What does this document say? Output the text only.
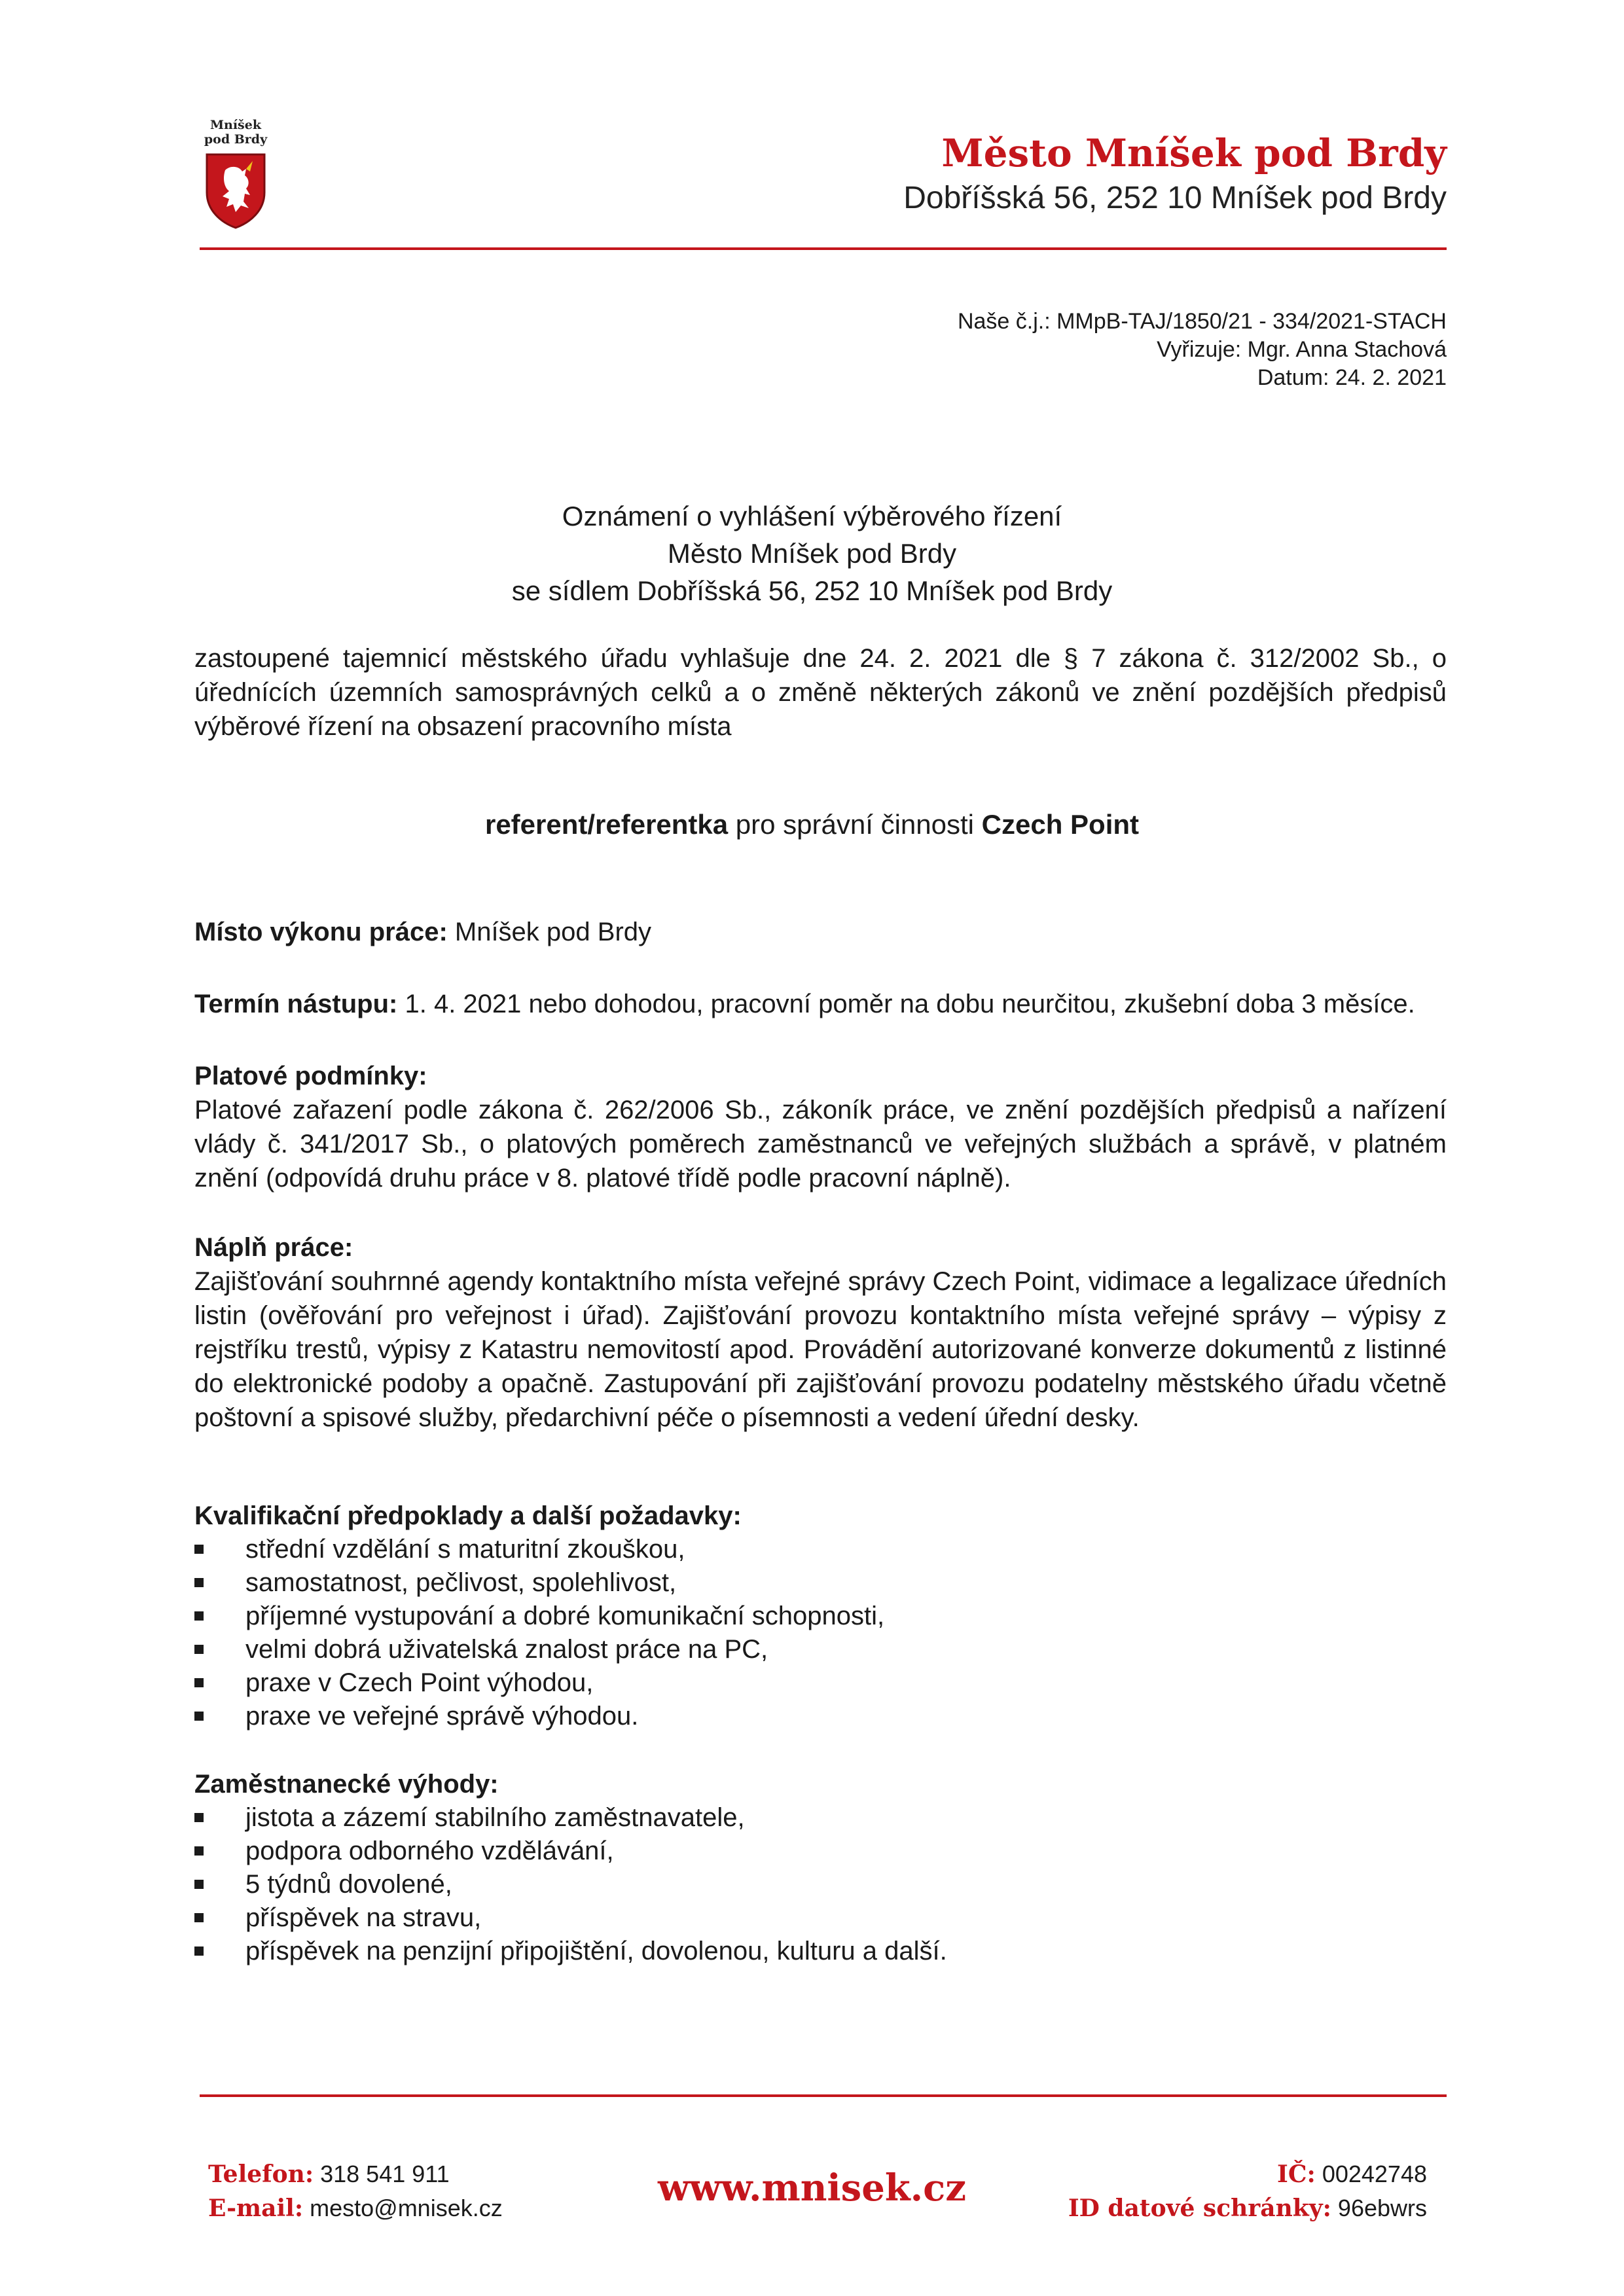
Mníšek
pod Brdy	Město Mníšek pod Brdy
Dobříšská 56, 252 10 Mníšek pod Brdy
Naše č.j.: MMpB-TAJ/1850/21 - 334/2021-STACH
Vyřizuje: Mgr. Anna Stachová
Datum: 24. 2. 2021
Oznámení o vyhlášení výběrového řízení
Město Mníšek pod Brdy
se sídlem Dobříšská 56, 252 10 Mníšek pod Brdy
zastoupené tajemnicí městského úřadu vyhlašuje dne 24. 2. 2021 dle § 7 zákona č. 312/2002 Sb., o úřednících územních samosprávných celků a o změně některých zákonů ve znění pozdějších předpisů výběrové řízení na obsazení pracovního místa
referent/referentka pro správní činnosti Czech Point
Místo výkonu práce: Mníšek pod Brdy
Termín nástupu: 1. 4. 2021 nebo dohodou, pracovní poměr na dobu neurčitou, zkušební doba 3 měsíce.
Platové podmínky:
Platové zařazení podle zákona č. 262/2006 Sb., zákoník práce, ve znění pozdějších předpisů a nařízení vlády č. 341/2017 Sb., o platových poměrech zaměstnanců ve veřejných službách a správě, v platném znění (odpovídá druhu práce v 8. platové třídě podle pracovní náplně).
Náplň práce:
Zajišťování souhrnné agendy kontaktního místa veřejné správy Czech Point, vidimace a legalizace úředních listin (ověřování pro veřejnost i úřad). Zajišťování provozu kontaktního místa veřejné správy – výpisy z rejstříku trestů, výpisy z Katastru nemovitostí apod. Provádění autorizované konverze dokumentů z listinné do elektronické podoby a opačně. Zastupování při zajišťování provozu podatelny městského úřadu včetně poštovní a spisové služby, předarchivní péče o písemnosti a vedení úřední desky.
Kvalifikační předpoklady a další požadavky:
střední vzdělání s maturitní zkouškou,
samostatnost, pečlivost, spolehlivost,
příjemné vystupování a dobré komunikační schopnosti,
velmi dobrá uživatelská znalost práce na PC,
praxe v Czech Point výhodou,
praxe ve veřejné správě výhodou.
Zaměstnanecké výhody:
jistota a zázemí stabilního zaměstnavatele,
podpora odborného vzdělávání,
5 týdnů dovolené,
příspěvek na stravu,
příspěvek na penzijní připojištění, dovolenou, kulturu a další.
Telefon: 318 541 911
E-mail: mesto@mnisek.cz	www.mnisek.cz	IČ: 00242748
ID datové schránky: 96ebwrs
